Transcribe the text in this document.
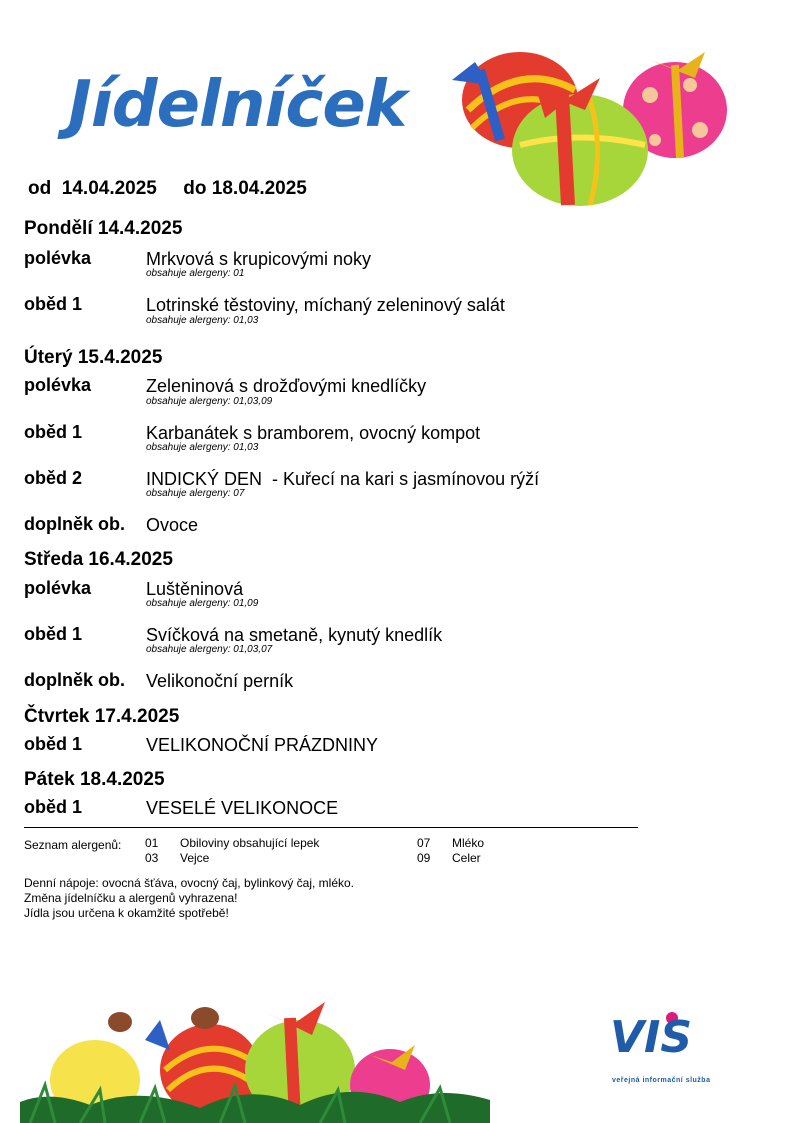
Jídelníček
od 14.04.2025 do 18.04.2025
Pondělí 14.4.2025
polévka	Mrkvová s krupicovými noky
obsahuje alergeny: 01
oběd 1	Lotrinské těstoviny, míchaný zeleninový salát
obsahuje alergeny: 01,03
Úterý 15.4.2025
polévka	Zeleninová s drožďovými knedlíčky
obsahuje alergeny: 01,03,09
oběd 1	Karbanátek s bramborem, ovocný kompot
obsahuje alergeny: 01,03
oběd 2	INDICKÝ DEN  - Kuřecí na kari s jasmínovou rýží
obsahuje alergeny: 07
doplněk ob. Ovoce
Středa 16.4.2025
polévka	Luštěninová
obsahuje alergeny: 01,09
oběd 1	Svíčková na smetaně, kynutý knedlík
obsahuje alergeny: 01,03,07
doplněk ob. Velikonoční perník
Čtvrtek 17.4.2025
oběd 1	VELIKONOČNÍ PRÁZDNINY
Pátek 18.4.2025
oběd 1	VESELÉ VELIKONOCE
Seznam alergenů: 01 Obiloviny obsahující lepek
03 Vejce
07 Mléko
09 Celer
Denní nápoje: ovocná šťáva, ovocný čaj, bylinkový čaj, mléko.
Změna jídelníčku a alergenů vyhrazena!
Jídla jsou určena k okamžité spotřebě!
VIS
veřejná informační služba
